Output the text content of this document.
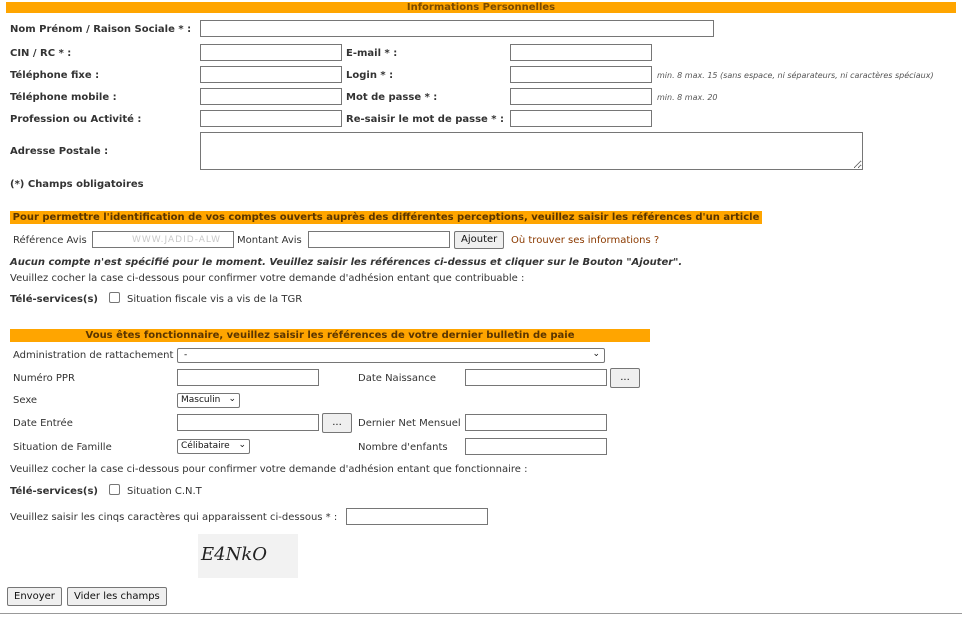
Informations Personnelles
Nom Prénom / Raison Sociale * :
CIN / RC * :	E-mail * :
Téléphone fixe :	Login * :	min. 8 max. 15 (sans espace, ni séparateurs, ni caractères spéciaux)
Téléphone mobile :	Mot de passe * :	min. 8 max. 20
Profession ou Activité :	Re-saisir le mot de passe * :
Adresse Postale :
(*) Champs obligatoires
Pour permettre l'identification de vos comptes ouverts auprès des différentes perceptions, veuillez saisir les références d'un article
Référence Avis	WWW.JADID-ALW Montant Avis	Ajouter	Où trouver ses informations ?
Aucun compte n'est spécifié pour le moment. Veuillez saisir les références ci-dessus et cliquer sur le Bouton "Ajouter".
Veuillez cocher la case ci-dessous pour confirmer votre demande d'adhésion entant que contribuable :
Télé-services(s)	Situation fiscale vis a vis de la TGR
Vous êtes fonctionnaire, veuillez saisir les références de votre dernier bulletin de paie
Administration de rattachement -	⌄
Numéro PPR	Date Naissance	...
Sexe	Masculin ⌄
Date Entrée	...	Dernier Net Mensuel
Situation de Famille	Célibataire ⌄	Nombre d'enfants
Veuillez cocher la case ci-dessous pour confirmer votre demande d'adhésion entant que fonctionnaire :
Télé-services(s)	Situation C.N.T
Veuillez saisir les cinqs caractères qui apparaissent ci-dessous * :
E4NkO
Envoyer	Vider les champs
